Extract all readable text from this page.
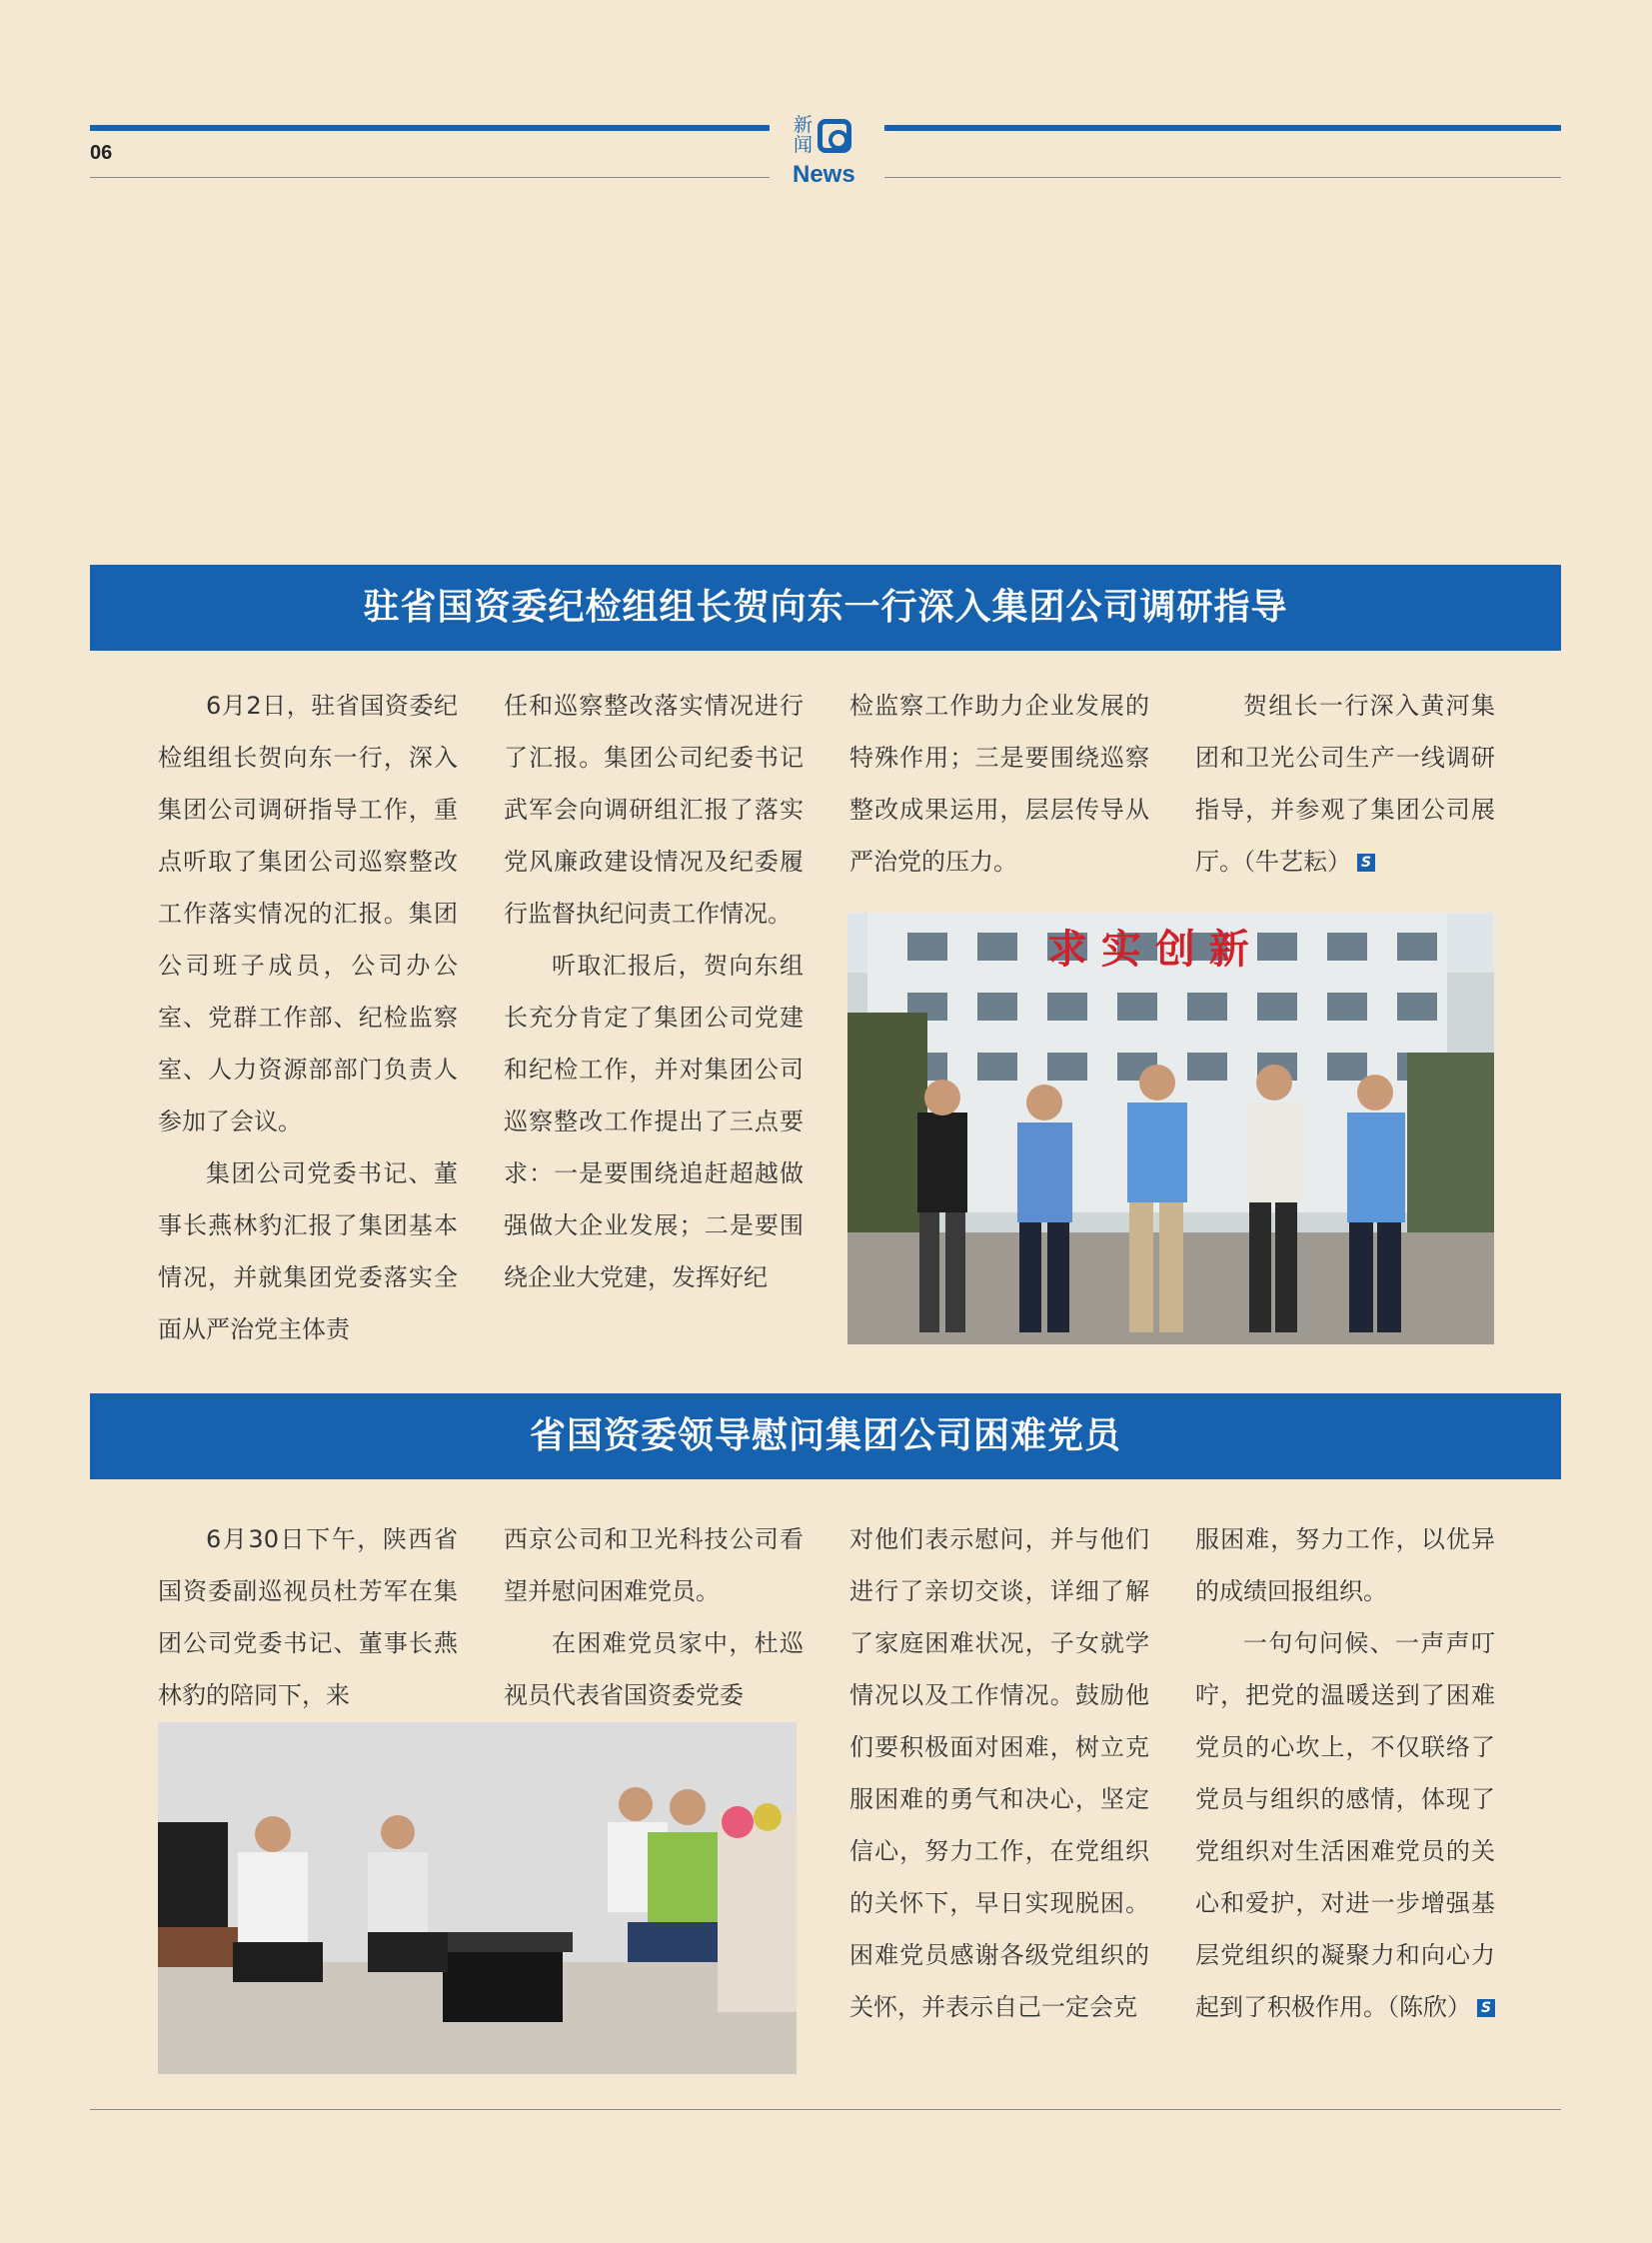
06
新
闻
News
驻省国资委纪检组组长贺向东一行深入集团公司调研指导

6月2日，驻省国资委纪检组组长贺向东一行，深入集团公司调研指导工作，重点听取了集团公司巡察整改工作落实情况的汇报。集团公司班子成员，公司办公室、党群工作部、纪检监察室、人力资源部部门负责人参加了会议。

集团公司党委书记、董事长燕林豹汇报了集团基本情况，并就集团党委落实全面从严治党主体责

任和巡察整改落实情况进行了汇报。集团公司纪委书记武军会向调研组汇报了落实党风廉政建设情况及纪委履行监督执纪问责工作情况。

听取汇报后，贺向东组长充分肯定了集团公司党建和纪检工作，并对集团公司巡察整改工作提出了三点要求：一是要围绕追赶超越做强做大企业发展；二是要围绕企业大党建，发挥好纪

检监察工作助力企业发展的特殊作用；三是要围绕巡察整改成果运用，层层传导从严治党的压力。

贺组长一行深入黄河集团和卫光公司生产一线调研指导，并参观了集团公司展厅。（牛艺耘） S

求 实 创 新
省国资委领导慰问集团公司困难党员

6月30日下午，陕西省国资委副巡视员杜芳军在集团公司党委书记、董事长燕林豹的陪同下，来

西京公司和卫光科技公司看望并慰问困难党员。

在困难党员家中，杜巡视员代表省国资委党委

对他们表示慰问，并与他们进行了亲切交谈，详细了解了家庭困难状况，子女就学情况以及工作情况。鼓励他们要积极面对困难，树立克服困难的勇气和决心，坚定信心，努力工作，在党组织的关怀下，早日实现脱困。困难党员感谢各级党组织的关怀，并表示自己一定会克

服困难，努力工作，以优异的成绩回报组织。

一句句问候、一声声叮咛，把党的温暖送到了困难党员的心坎上，不仅联络了党员与组织的感情，体现了党组织对生活困难党员的关心和爱护，对进一步增强基层党组织的凝聚力和向心力起到了积极作用。（陈欣） S
